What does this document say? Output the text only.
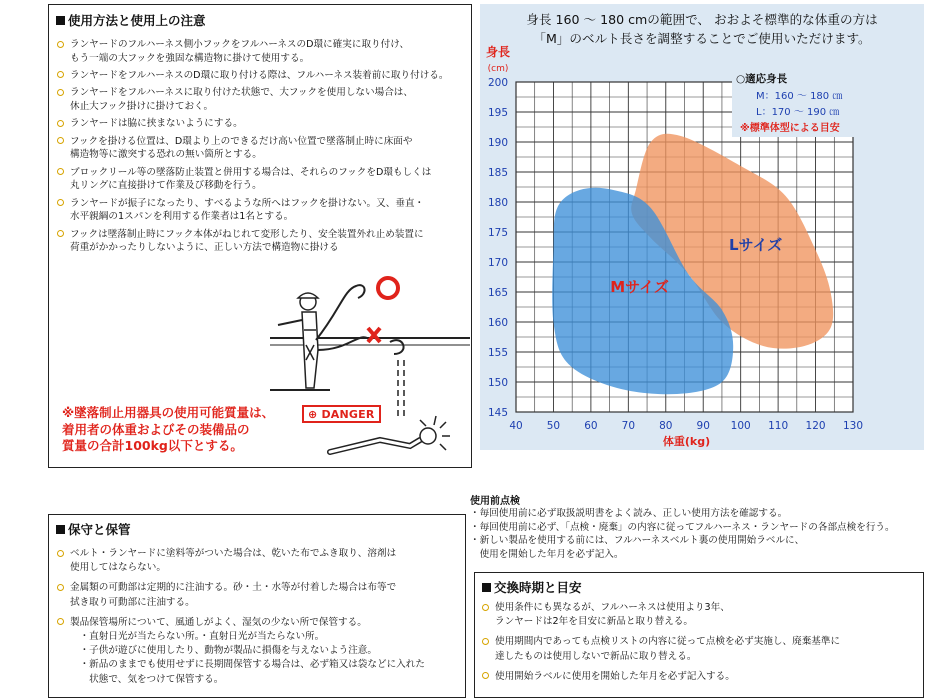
使用方法と使用上の注意
ランヤードのフルハーネス側小フックをフルハーネスのD環に確実に取り付け、
もう一端の大フックを強固な構造物に掛けて使用する。
ランヤードをフルハーネスのD環に取り付ける際は、フルハーネス装着前に取り付ける。
ランヤードをフルハーネスに取り付けた状態で、大フックを使用しない場合は、
休止大フック掛けに掛けておく。
ランヤードは脇に挟まないようにする。
フックを掛ける位置は、D環より上のできるだけ高い位置で墜落制止時に床面や
構造物等に激突する恐れの無い箇所とする。
ブロックリール等の墜落防止装置と併用する場合は、それらのフックをD環もしくは
丸リングに直接掛けて作業及び移動を行う。
ランヤードが振子になったり、すべるような所へはフックを掛けない。又、垂直・
水平親綱の1スパンを利用する作業者は1名とする。
フックは墜落制止時にフック本体がねじれて変形したり、安全装置外れ止め装置に
荷重がかかったりしないように、正しい方法で構造物に掛ける
⊕ DANGER
※墜落制止用器具の使用可能質量は、
着用者の体重およびその装備品の
質量の合計100kg以下とする。
身長 160 〜 180 cmの範囲で、 おおよそ標準的な体重の方は
「M」のベルト長さを調整することでご使用いただけます。
Lサイズ
Mサイズ
40 50 60 70 80 90 100 110 120 130
145
150
155
160
165
170
175
180
185
190
195
200
身長
(cm)
体重(kg)
○適応身長
M：160 〜 180 ㎝
L：170 〜 190 ㎝
※標準体型による目安
使用前点検
・毎回使用前に必ず取扱説明書をよく読み、正しい使用方法を確認する。
・毎回使用前に必ず、「点検・廃棄」の内容に従ってフルハーネス・ランヤードの各部点検を行う。
・新しい製品を使用する前には、フルハーネスベルト裏の使用開始ラベルに、
　使用を開始した年月を必ず記入。
保守と保管
ベルト・ランヤードに塗料等がついた場合は、乾いた布でふき取り、溶剤は
使用してはならない。
金属類の可動部は定期的に注油する。砂・土・水等が付着した場合は布等で
拭き取り可動部に注油する。
製品保管場所について、風通しがよく、湿気の少ない所で保管する。
　・直射日光が当たらない所。・直射日光が当たらない所。
　・子供が遊びに使用したり、動物が製品に損傷を与えないよう注意。
　・新品のままでも使用せずに長期間保管する場合は、必ず箱又は袋などに入れた
　　状態で、気をつけて保管する。
交換時期と目安
使用条件にも異なるが、フルハーネスは使用より3年、
ランヤードは2年を目安に新品と取り替える。
使用期間内であっても点検リストの内容に従って点検を必ず実施し、廃棄基準に
達したものは使用しないで新品に取り替える。
使用開始ラベルに使用を開始した年月を必ず記入する。
